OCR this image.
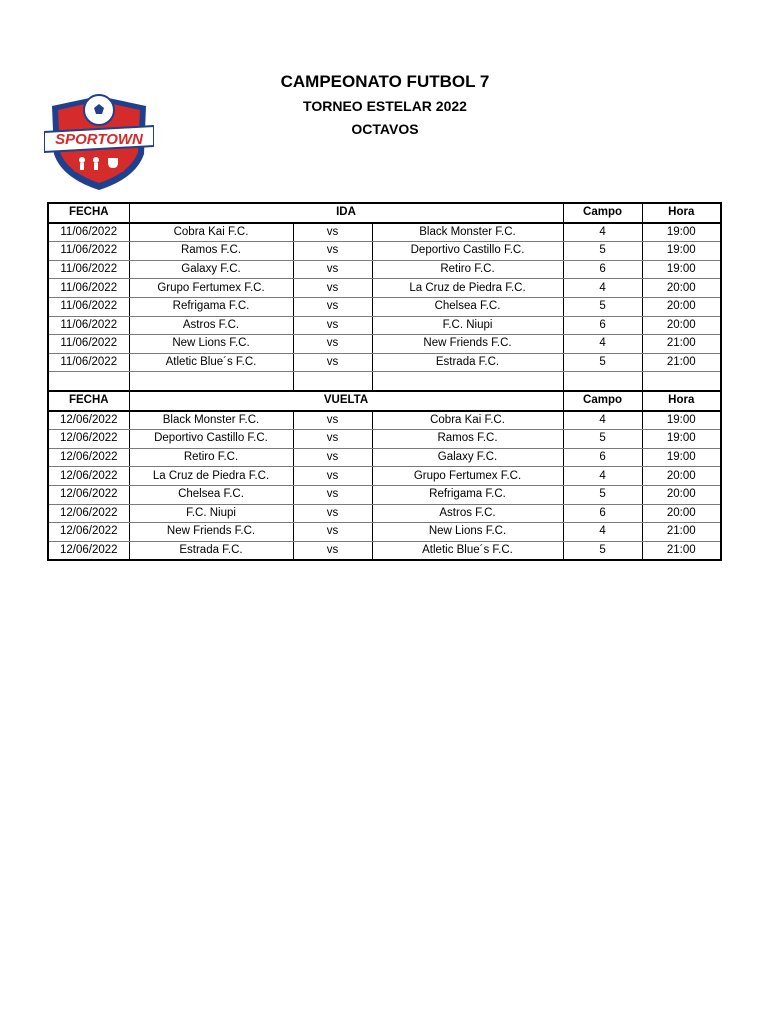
SPORTOWN
CAMPEONATO FUTBOL 7
TORNEO ESTELAR 2022
OCTAVOS
FECHA	IDA			Campo	Hora
11/06/2022	Cobra Kai F.C.	vs	Black Monster F.C.	4	19:00
11/06/2022	Ramos F.C.	vs	Deportivo Castillo F.C.	5	19:00
11/06/2022	Galaxy F.C.	vs	Retiro F.C.	6	19:00
11/06/2022	Grupo Fertumex F.C.	vs	La Cruz de Piedra F.C.	4	20:00
11/06/2022	Refrigama F.C.	vs	Chelsea F.C.	5	20:00
11/06/2022	Astros F.C.	vs	F.C. Niupi	6	20:00
11/06/2022	New Lions F.C.	vs	New Friends F.C.	4	21:00
11/06/2022	Atletic Blue´s F.C.	vs	Estrada F.C.	5	21:00

FECHA	VUELTA			Campo	Hora
12/06/2022	Black Monster F.C.	vs	Cobra Kai F.C.	4	19:00
12/06/2022	Deportivo Castillo F.C.	vs	Ramos F.C.	5	19:00
12/06/2022	Retiro F.C.	vs	Galaxy F.C.	6	19:00
12/06/2022	La Cruz de Piedra F.C.	vs	Grupo Fertumex F.C.	4	20:00
12/06/2022	Chelsea F.C.	vs	Refrigama F.C.	5	20:00
12/06/2022	F.C. Niupi	vs	Astros F.C.	6	20:00
12/06/2022	New Friends F.C.	vs	New Lions F.C.	4	21:00
12/06/2022	Estrada F.C.	vs	Atletic Blue´s F.C.	5	21:00
